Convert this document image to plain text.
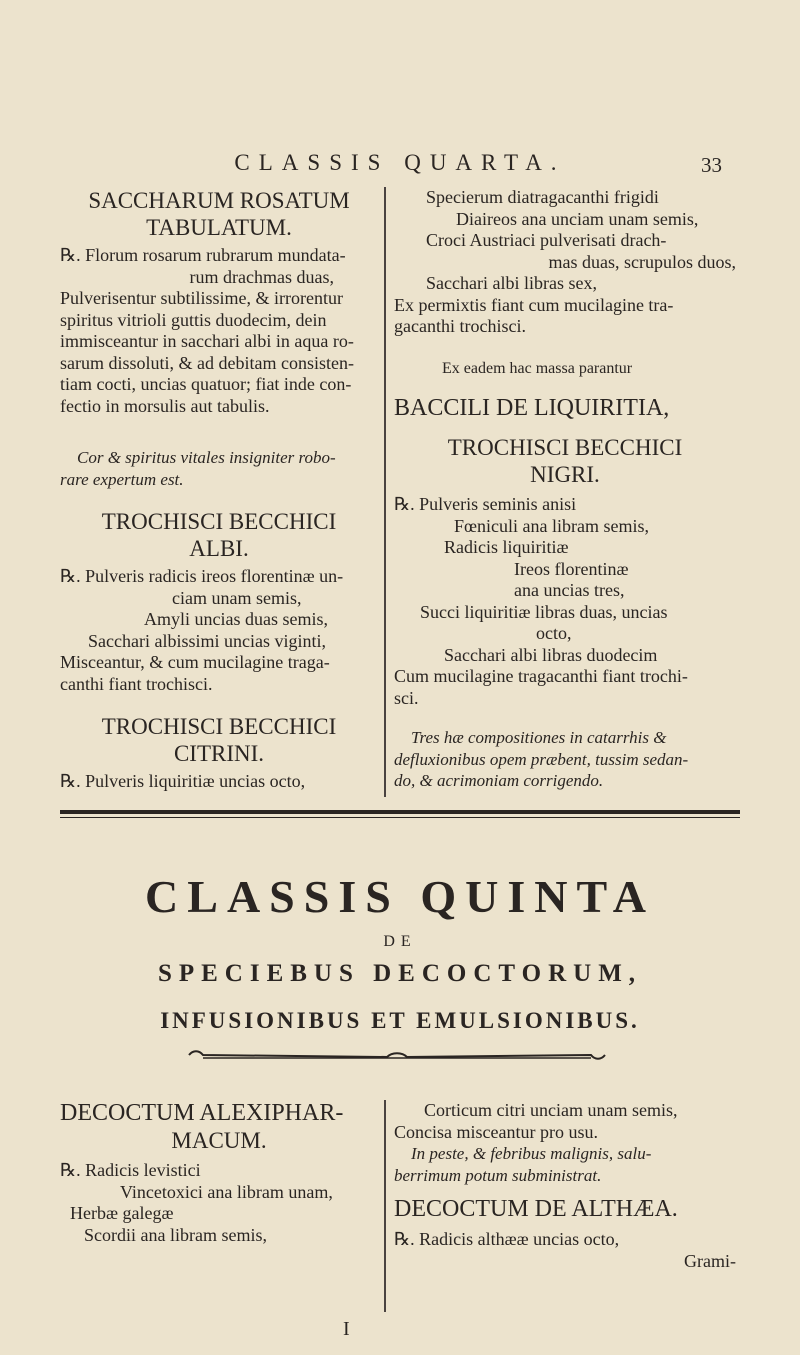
CLASSIS QUARTA.	33
SACCHARUM ROSATUM
TABULATUM.

℞. Florum rosarum rubrarum mundata-

rum drachmas duas,

Pulverisentur subtilissime, & irrorentur

spiritus vitrioli guttis duodecim, dein

immisceantur in sacchari albi in aqua ro-

sarum dissoluti, & ad debitam consisten-

tiam cocti, uncias quatuor; fiat inde con-

fectio in morsulis aut tabulis.

Cor & spiritus vitales insigniter robo-

rare expertum est.

TROCHISCI BECCHICI
ALBI.

℞. Pulveris radicis ireos florentinæ un-

ciam unam semis,

Amyli uncias duas semis,

Sacchari albissimi uncias viginti,

Misceantur, & cum mucilagine traga-

canthi fiant trochisci.

TROCHISCI BECCHICI
CITRINI.

℞. Pulveris liquiritiæ uncias octo,

Specierum diatragacanthi frigidi

Diaireos ana unciam unam semis,

Croci Austriaci pulverisati drach-

mas duas, scrupulos duos,

Sacchari albi libras sex,

Ex permixtis fiant cum mucilagine tra-

gacanthi trochisci.

Ex eadem hac massa parantur

BACCILI DE LIQUIRITIA,
TROCHISCI BECCHICI
NIGRI.

℞. Pulveris seminis anisi

Fœniculi ana libram semis,

Radicis liquiritiæ

Ireos florentinæ

ana uncias tres,

Succi liquiritiæ libras duas, uncias

octo,

Sacchari albi libras duodecim

Cum mucilagine tragacanthi fiant trochi-

sci.

Tres hæ compositiones in catarrhis &

defluxionibus opem præbent, tussim sedan-

do, & acrimoniam corrigendo.

CLASSIS QUINTA
DE
SPECIEBUS DECOCTORUM,
INFUSIONIBUS ET EMULSIONIBUS.
DECOCTUM ALEXIPHAR-
MACUM.

℞. Radicis levistici

Vincetoxici ana libram unam,

Herbæ galegæ

Scordii ana libram semis,

Corticum citri unciam unam semis,

Concisa misceantur pro usu.

In peste, & febribus malignis, salu-

berrimum potum subministrat.

DECOCTUM DE ALTHÆA.

℞. Radicis althææ uncias octo,

Grami-

I
